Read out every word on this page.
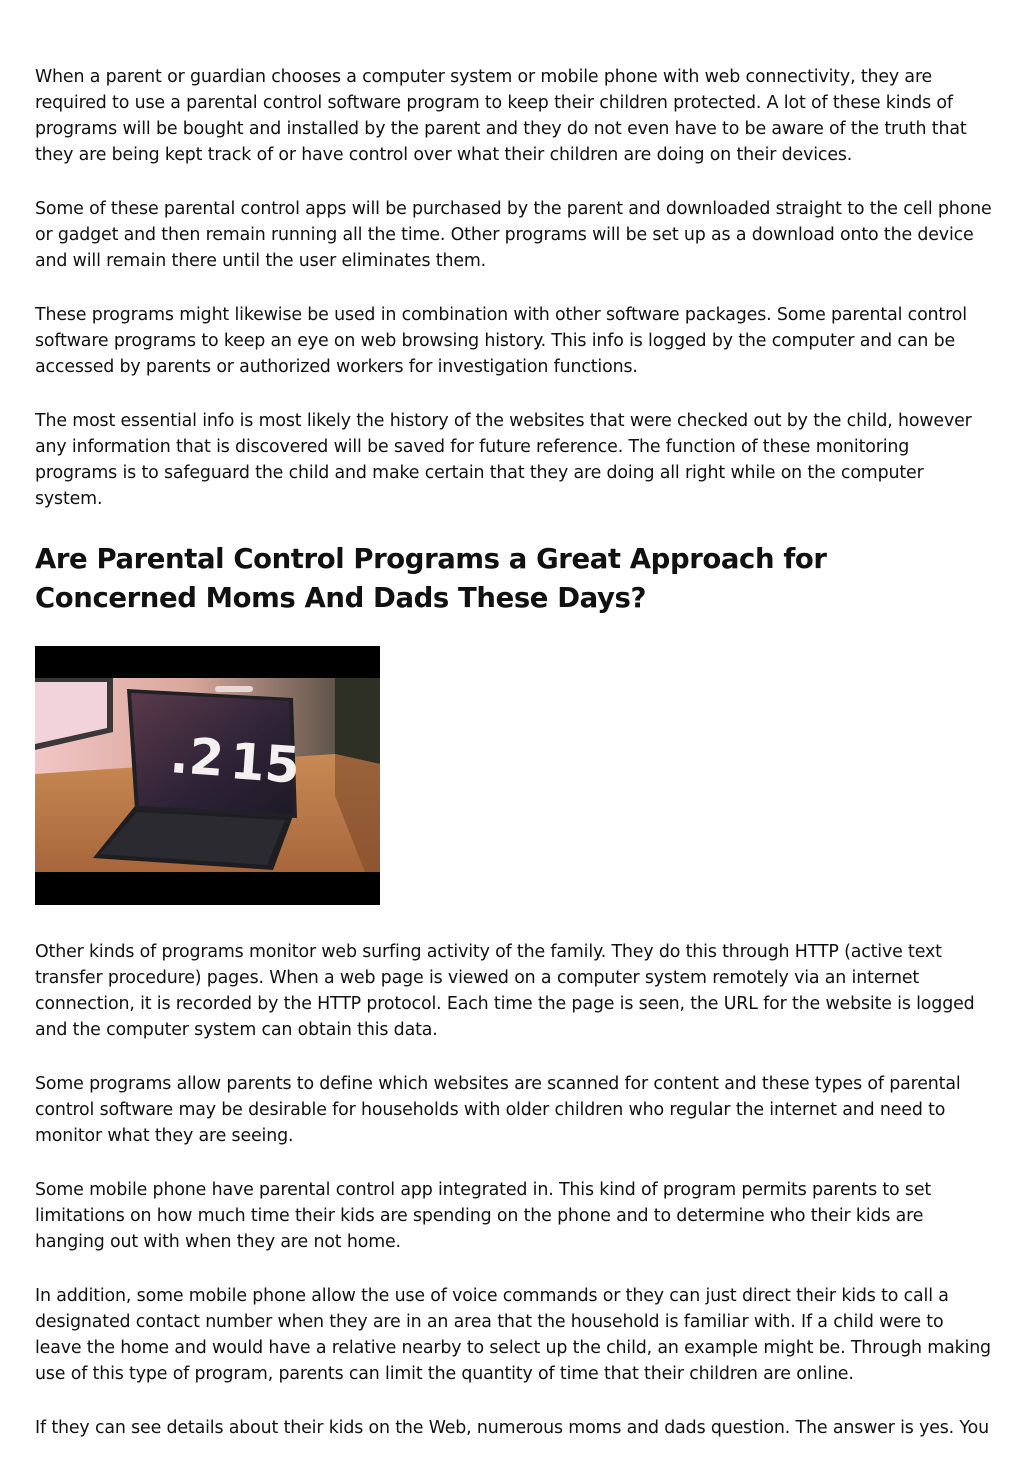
When a parent or guardian chooses a computer system or mobile phone with web connectivity, they are required to use a parental control software program to keep their children protected. A lot of these kinds of programs will be bought and installed by the parent and they do not even have to be aware of the truth that they are being kept track of or have control over what their children are doing on their devices.

Some of these parental control apps will be purchased by the parent and downloaded straight to the cell phone or gadget and then remain running all the time. Other programs will be set up as a download onto the device and will remain there until the user eliminates them.

These programs might likewise be used in combination with other software packages. Some parental control software programs to keep an eye on web browsing history. This info is logged by the computer and can be accessed by parents or authorized workers for investigation functions.

The most essential info is most likely the history of the websites that were checked out by the child, however any information that is discovered will be saved for future reference. The function of these monitoring programs is to safeguard the child and make certain that they are doing all right while on the computer system.

Are Parental Control Programs a Great Approach for Concerned Moms And Dads These Days?
.2 15

Other kinds of programs monitor web surfing activity of the family. They do this through HTTP (active text transfer procedure) pages. When a web page is viewed on a computer system remotely via an internet connection, it is recorded by the HTTP protocol. Each time the page is seen, the URL for the website is logged and the computer system can obtain this data.

Some programs allow parents to define which websites are scanned for content and these types of parental control software may be desirable for households with older children who regular the internet and need to monitor what they are seeing.

Some mobile phone have parental control app integrated in. This kind of program permits parents to set limitations on how much time their kids are spending on the phone and to determine who their kids are hanging out with when they are not home.

In addition, some mobile phone allow the use of voice commands or they can just direct their kids to call a designated contact number when they are in an area that the household is familiar with. If a child were to leave the home and would have a relative nearby to select up the child, an example might be. Through making use of this type of program, parents can limit the quantity of time that their children are online.

If they can see details about their kids on the Web, numerous moms and dads question. The answer is yes. You
